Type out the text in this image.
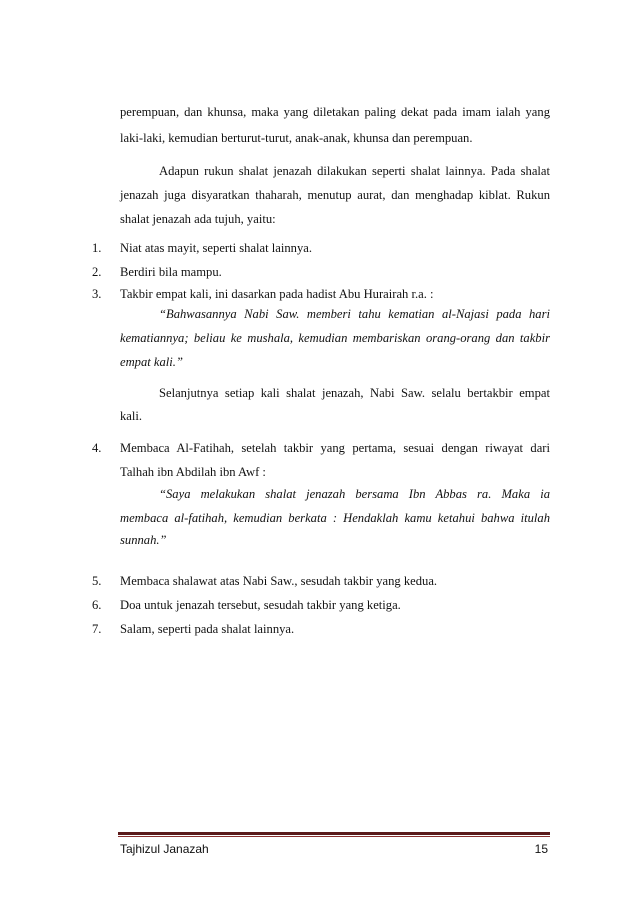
perempuan, dan khunsa, maka yang diletakan paling dekat pada imam ialah yang
laki-laki, kemudian berturut-turut, anak-anak, khunsa dan perempuan.
Adapun rukun shalat jenazah dilakukan seperti shalat lainnya. Pada shalat
jenazah juga disyaratkan thaharah, menutup aurat, dan menghadap kiblat. Rukun
shalat jenazah ada tujuh, yaitu:
1. Niat atas mayit, seperti shalat lainnya.
2. Berdiri bila mampu.
3. Takbir empat kali, ini dasarkan pada hadist Abu Hurairah r.a. :
“Bahwasannya Nabi Saw. memberi tahu kematian al-Najasi pada hari
kematiannya; beliau ke mushala, kemudian membariskan orang-orang dan takbir
empat kali.”
Selanjutnya setiap kali shalat jenazah, Nabi Saw. selalu bertakbir empat
kali.
4. Membaca Al-Fatihah, setelah takbir yang pertama, sesuai dengan riwayat dari
Talhah ibn Abdilah ibn Awf :
“Saya melakukan shalat jenazah bersama Ibn Abbas ra. Maka ia
membaca al-fatihah, kemudian berkata : Hendaklah kamu ketahui bahwa itulah
sunnah.”
5. Membaca shalawat atas Nabi Saw., sesudah takbir yang kedua.
6. Doa untuk jenazah tersebut, sesudah takbir yang ketiga.
7. Salam, seperti pada shalat lainnya.
Tajhizul Janazah	15
